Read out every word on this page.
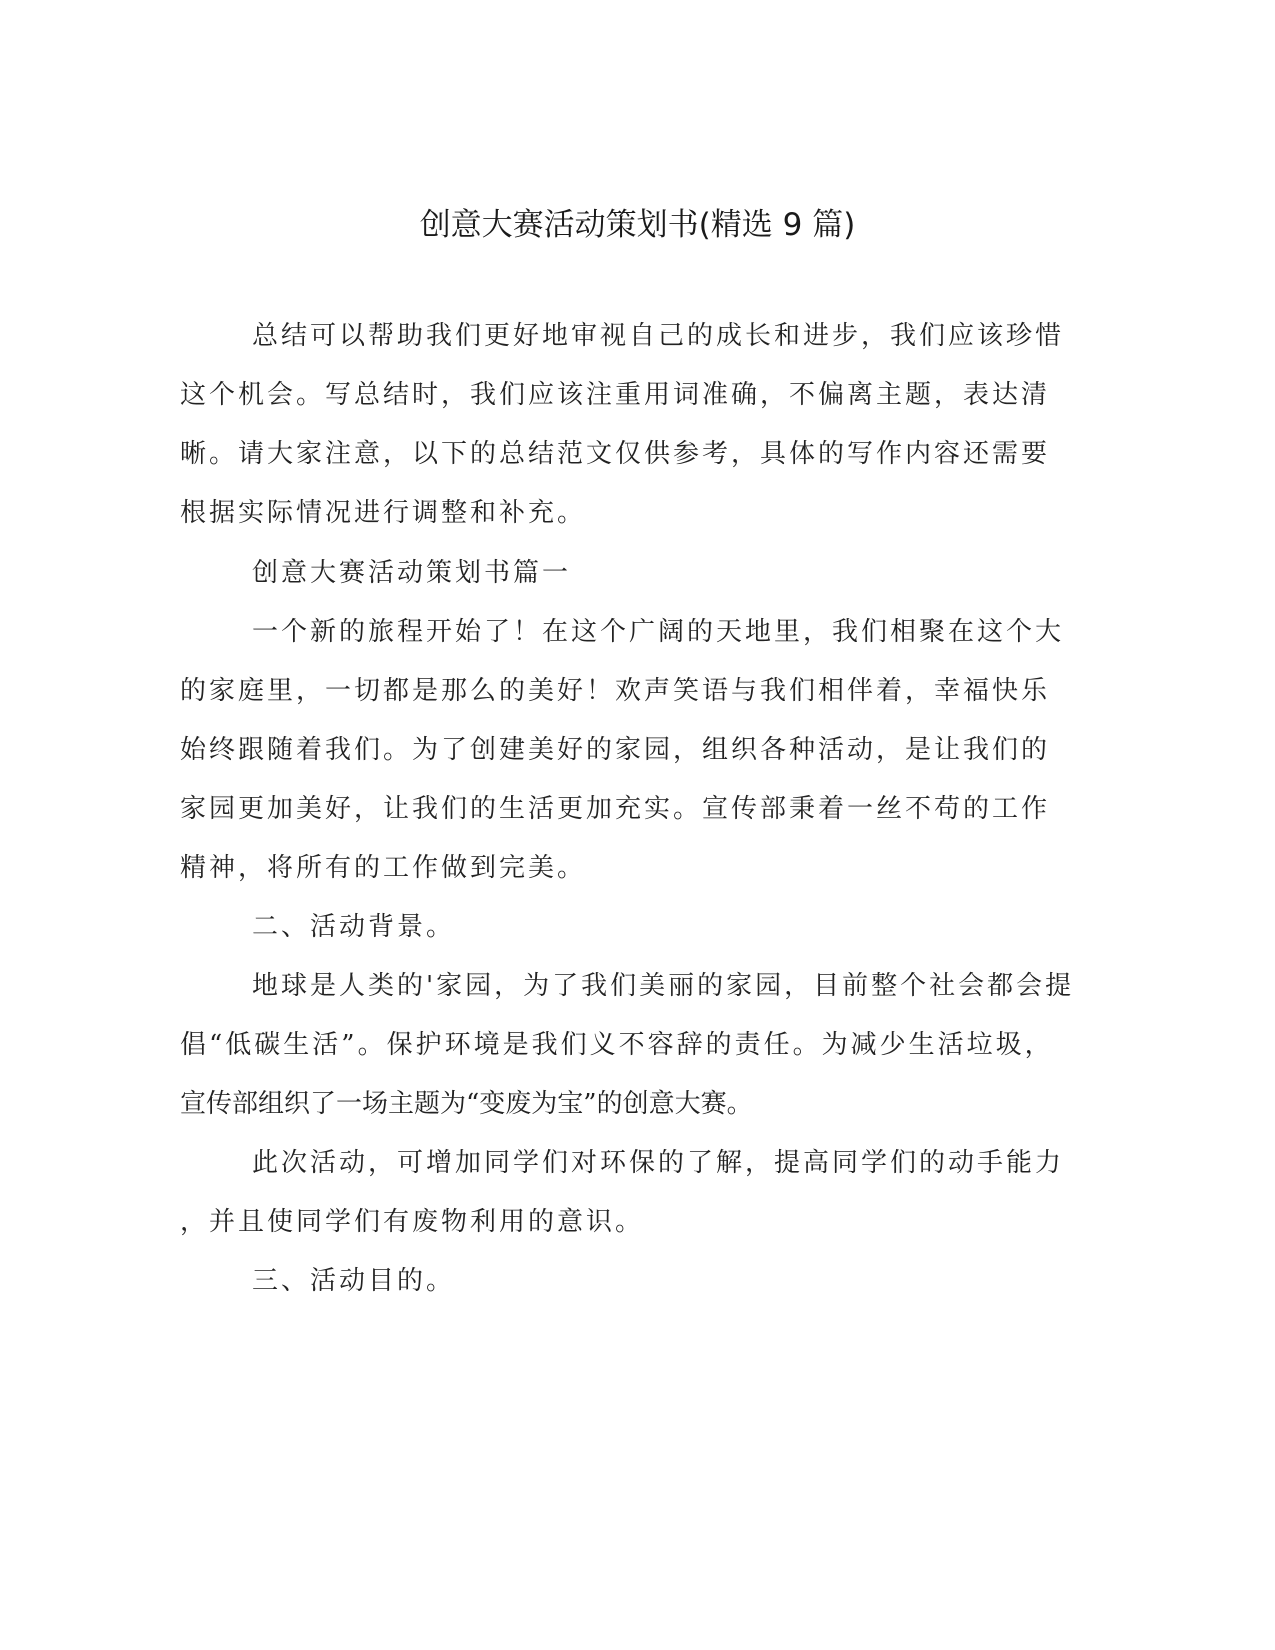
创意大赛活动策划书(精选 9 篇)
总结可以帮助我们更好地审视自己的成长和进步，我们应该珍惜
这个机会。写总结时，我们应该注重用词准确，不偏离主题，表达清
晰。请大家注意，以下的总结范文仅供参考，具体的写作内容还需要
根据实际情况进行调整和补充。
创意大赛活动策划书篇一
一个新的旅程开始了！在这个广阔的天地里，我们相聚在这个大
的家庭里，一切都是那么的美好！欢声笑语与我们相伴着，幸福快乐
始终跟随着我们。为了创建美好的家园，组织各种活动，是让我们的
家园更加美好，让我们的生活更加充实。宣传部秉着一丝不苟的工作
精神，将所有的工作做到完美。
二、活动背景。
地球是人类的'家园，为了我们美丽的家园，目前整个社会都会提
倡“低碳生活”。保护环境是我们义不容辞的责任。为减少生活垃圾，
宣传部组织了一场主题为“变废为宝”的创意大赛。
此次活动，可增加同学们对环保的了解，提高同学们的动手能力
，并且使同学们有废物利用的意识。
三、活动目的。
